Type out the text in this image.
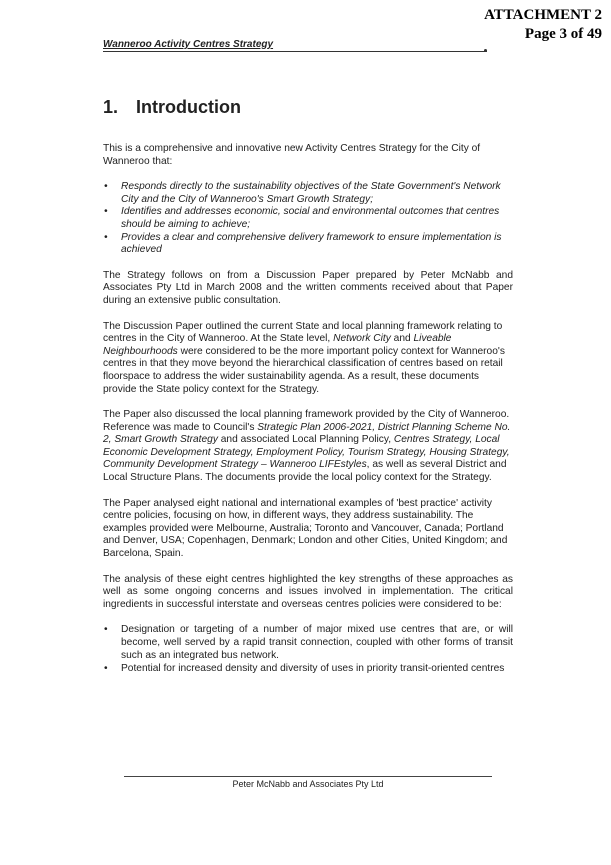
ATTACHMENT 2
Page 3 of 49
Wanneroo Activity Centres Strategy
1. Introduction

This is a comprehensive and innovative new Activity Centres Strategy for the City of Wanneroo that:

• Responds directly to the sustainability objectives of the State Government's Network City and the City of Wanneroo's Smart Growth Strategy;
• Identifies and addresses economic, social and environmental outcomes that centres should be aiming to achieve;
• Provides a clear and comprehensive delivery framework to ensure implementation is achieved

The Strategy follows on from a Discussion Paper prepared by Peter McNabb and Associates Pty Ltd in March 2008 and the written comments received about that Paper during an extensive public consultation.

The Discussion Paper outlined the current State and local planning framework relating to centres in the City of Wanneroo. At the State level, Network City and Liveable Neighbourhoods were considered to be the more important policy context for Wanneroo's centres in that they move beyond the hierarchical classification of centres based on retail floorspace to address the wider sustainability agenda. As a result, these documents provide the State policy context for the Strategy.

The Paper also discussed the local planning framework provided by the City of Wanneroo. Reference was made to Council's Strategic Plan 2006-2021, District Planning Scheme No. 2, Smart Growth Strategy and associated Local Planning Policy, Centres Strategy, Local Economic Development Strategy, Employment Policy, Tourism Strategy, Housing Strategy, Community Development Strategy – Wanneroo LIFEstyles, as well as several District and Local Structure Plans. The documents provide the local policy context for the Strategy.

The Paper analysed eight national and international examples of 'best practice' activity centre policies, focusing on how, in different ways, they address sustainability. The examples provided were Melbourne, Australia; Toronto and Vancouver, Canada; Portland and Denver, USA; Copenhagen, Denmark; London and other Cities, United Kingdom; and Barcelona, Spain.

The analysis of these eight centres highlighted the key strengths of these approaches as well as some ongoing concerns and issues involved in implementation. The critical ingredients in successful interstate and overseas centres policies were considered to be:

• Designation or targeting of a number of major mixed use centres that are, or will become, well served by a rapid transit connection, coupled with other forms of transit such as an integrated bus network.
• Potential for increased density and diversity of uses in priority transit-oriented centres
Peter McNabb and Associates Pty Ltd
